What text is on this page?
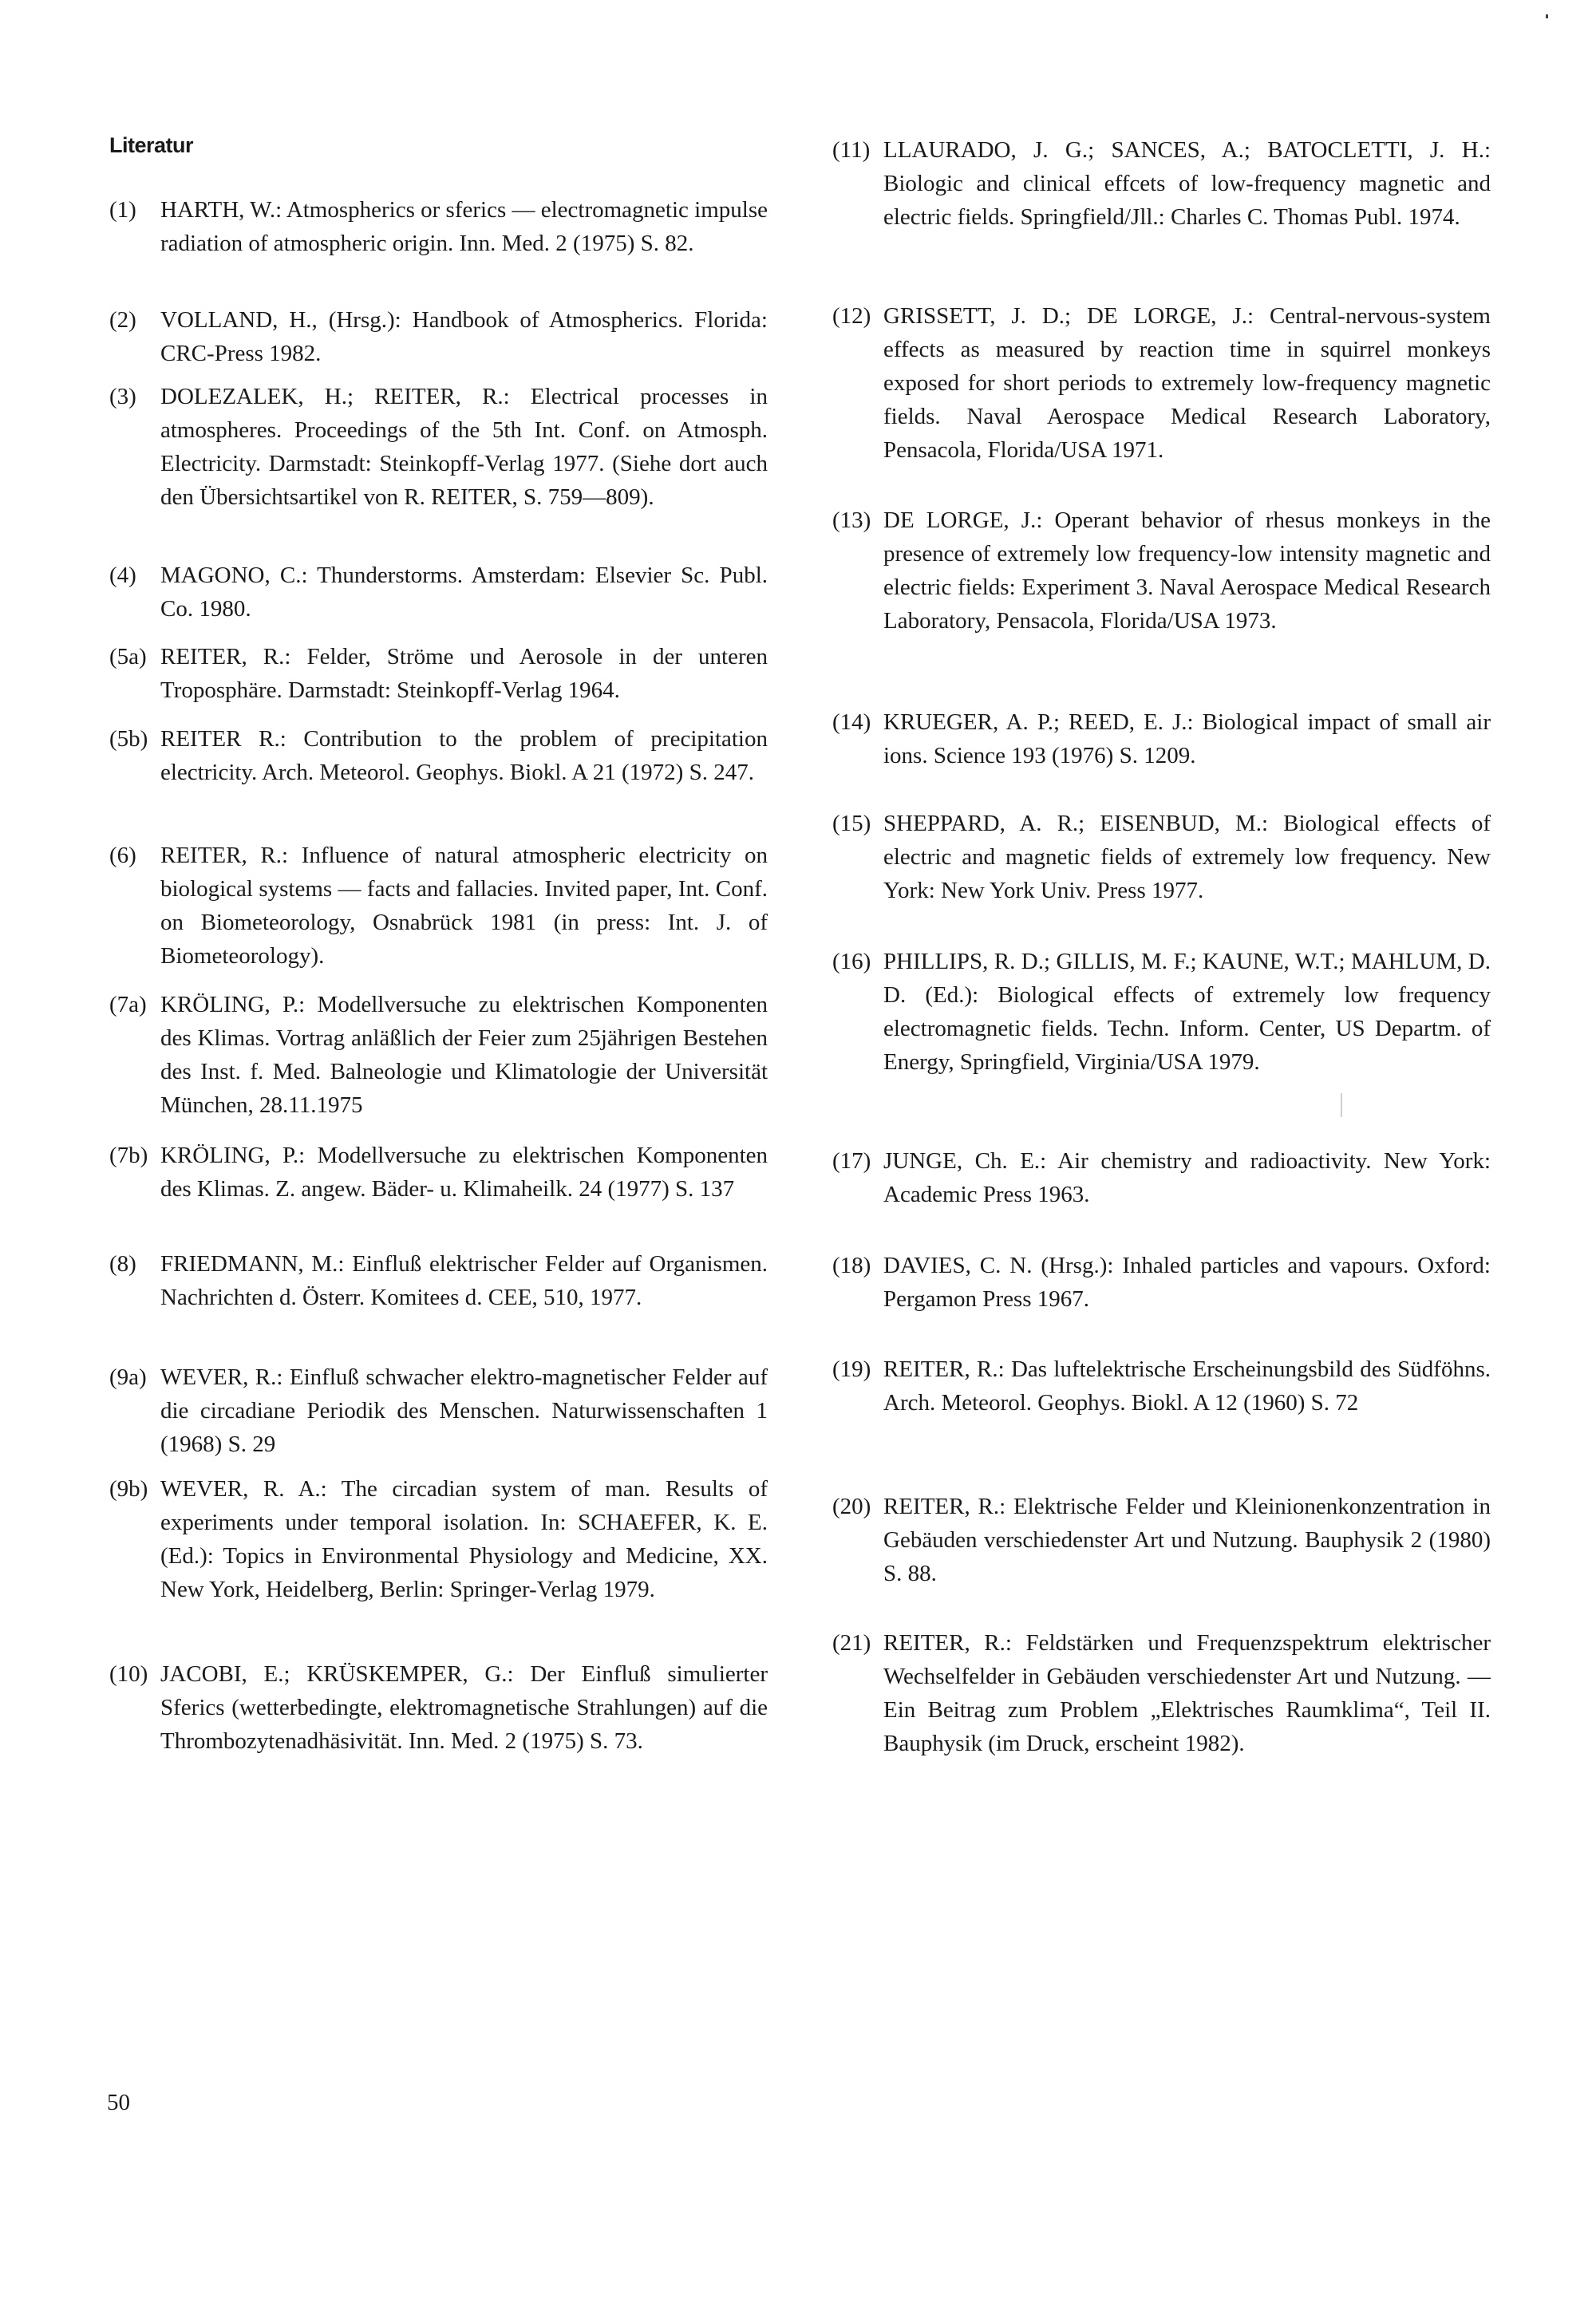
Literatur
(1) HARTH, W.: Atmospherics or sferics — electromagnetic impulse radiation of atmospheric origin. Inn. Med. 2 (1975) S. 82.

(2) VOLLAND, H., (Hrsg.): Handbook of Atmospherics. Florida: CRC-Press 1982.

(3) DOLEZALEK, H.; REITER, R.: Electrical processes in atmospheres. Proceedings of the 5th Int. Conf. on Atmosph. Electricity. Darmstadt: Steinkopff-Verlag 1977. (Siehe dort auch den Übersichtsartikel von R. REITER, S. 759—809).

(4) MAGONO, C.: Thunderstorms. Amsterdam: Elsevier Sc. Publ. Co. 1980.

(5a) REITER, R.: Felder, Ströme und Aerosole in der unteren Troposphäre. Darmstadt: Steinkopff-Verlag 1964.

(5b) REITER R.: Contribution to the problem of precipitation electricity. Arch. Meteorol. Geophys. Biokl. A 21 (1972) S. 247.

(6) REITER, R.: Influence of natural atmospheric electricity on biological systems — facts and fallacies. Invited paper, Int. Conf. on Biometeorology, Osnabrück 1981 (in press: Int. J. of Biometeorology).

(7a) KRÖLING, P.: Modellversuche zu elektrischen Komponenten des Klimas. Vortrag anläßlich der Feier zum 25jährigen Bestehen des Inst. f. Med. Balneologie und Klimatologie der Universität München, 28.11.1975

(7b) KRÖLING, P.: Modellversuche zu elektrischen Komponenten des Klimas. Z. angew. Bäder- u. Klimaheilk. 24 (1977) S. 137

(8) FRIEDMANN, M.: Einfluß elektrischer Felder auf Organismen. Nachrichten d. Österr. Komitees d. CEE, 510, 1977.

(9a) WEVER, R.: Einfluß schwacher elektro-magnetischer Felder auf die circadiane Periodik des Menschen. Naturwissenschaften 1 (1968) S. 29

(9b) WEVER, R. A.: The circadian system of man. Results of experiments under temporal isolation. In: SCHAEFER, K. E. (Ed.): Topics in Environmental Physiology and Medicine, XX. New York, Heidelberg, Berlin: Springer-Verlag 1979.

(10) JACOBI, E.; KRÜSKEMPER, G.: Der Einfluß simulierter Sferics (wetterbedingte, elektromagnetische Strahlungen) auf die Thrombozytenadhäsivität. Inn. Med. 2 (1975) S. 73.

(11) LLAURADO, J. G.; SANCES, A.; BATOCLETTI, J. H.: Biologic and clinical effcets of low-frequency magnetic and electric fields. Springfield/Jll.: Charles C. Thomas Publ. 1974.

(12) GRISSETT, J. D.; DE LORGE, J.: Central-nervous-system effects as measured by reaction time in squirrel monkeys exposed for short periods to extremely low-frequency magnetic fields. Naval Aerospace Medical Research Laboratory, Pensacola, Florida/USA 1971.

(13) DE LORGE, J.: Operant behavior of rhesus monkeys in the presence of extremely low frequency-low intensity magnetic and electric fields: Experiment 3. Naval Aerospace Medical Research Laboratory, Pensacola, Florida/USA 1973.

(14) KRUEGER, A. P.; REED, E. J.: Biological impact of small air ions. Science 193 (1976) S. 1209.

(15) SHEPPARD, A. R.; EISENBUD, M.: Biological effects of electric and magnetic fields of extremely low frequency. New York: New York Univ. Press 1977.

(16) PHILLIPS, R. D.; GILLIS, M. F.; KAUNE, W.T.; MAHLUM, D. D. (Ed.): Biological effects of extremely low frequency electromagnetic fields. Techn. Inform. Center, US Departm. of Energy, Springfield, Virginia/USA 1979.

(17) JUNGE, Ch. E.: Air chemistry and radioactivity. New York: Academic Press 1963.

(18) DAVIES, C. N. (Hrsg.): Inhaled particles and vapours. Oxford: Pergamon Press 1967.

(19) REITER, R.: Das luftelektrische Erscheinungsbild des Südföhns. Arch. Meteorol. Geophys. Biokl. A 12 (1960) S. 72

(20) REITER, R.: Elektrische Felder und Kleinionenkonzentration in Gebäuden verschiedenster Art und Nutzung. Bauphysik 2 (1980) S. 88.

(21) REITER, R.: Feldstärken und Frequenzspektrum elektrischer Wechselfelder in Gebäuden verschiedenster Art und Nutzung. — Ein Beitrag zum Problem „Elektrisches Raumklima“, Teil II. Bauphysik (im Druck, erscheint 1982).

50
